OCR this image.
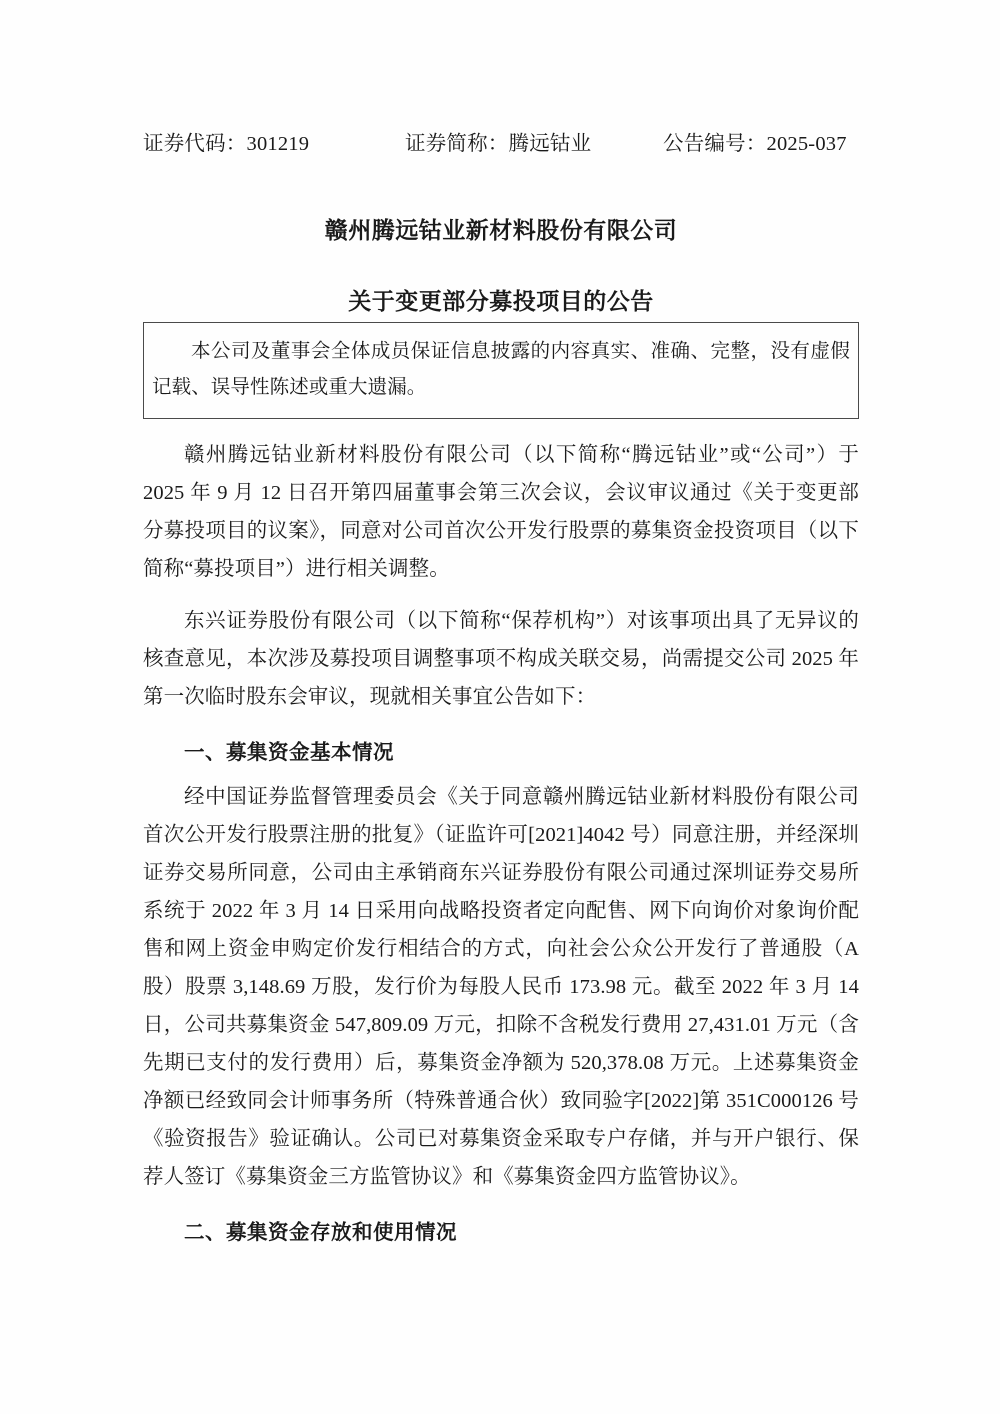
证券代码：301219	证券简称：腾远钴业	公告编号：2025-037
赣州腾远钴业新材料股份有限公司
关于变更部分募投项目的公告

本公司及董事会全体成员保证信息披露的内容真实、准确、完整，没有虚假记载、误导性陈述或重大遗漏。

赣州腾远钴业新材料股份有限公司（以下简称“腾远钴业”或“公司”）于2025 年 9 月 12 日召开第四届董事会第三次会议，会议审议通过《关于变更部分募投项目的议案》，同意对公司首次公开发行股票的募集资金投资项目（以下简称“募投项目”）进行相关调整。

东兴证券股份有限公司（以下简称“保荐机构”）对该事项出具了无异议的核查意见，本次涉及募投项目调整事项不构成关联交易，尚需提交公司 2025 年第一次临时股东会审议，现就相关事宜公告如下：

一、募集资金基本情况

经中国证券监督管理委员会《关于同意赣州腾远钴业新材料股份有限公司首次公开发行股票注册的批复》（证监许可[2021]4042 号）同意注册，并经深圳证券交易所同意，公司由主承销商东兴证券股份有限公司通过深圳证券交易所系统于 2022 年 3 月 14 日采用向战略投资者定向配售、网下向询价对象询价配售和网上资金申购定价发行相结合的方式，向社会公众公开发行了普通股（A 股）股票 3,148.69 万股，发行价为每股人民币 173.98 元。截至 2022 年 3 月 14 日，公司共募集资金 547,809.09 万元，扣除不含税发行费用 27,431.01 万元（含先期已支付的发行费用）后，募集资金净额为 520,378.08 万元。上述募集资金净额已经致同会计师事务所（特殊普通合伙）致同验字[2022]第 351C000126 号《验资报告》验证确认。公司已对募集资金采取专户存储，并与开户银行、保荐人签订《募集资金三方监管协议》和《募集资金四方监管协议》。

二、募集资金存放和使用情况
